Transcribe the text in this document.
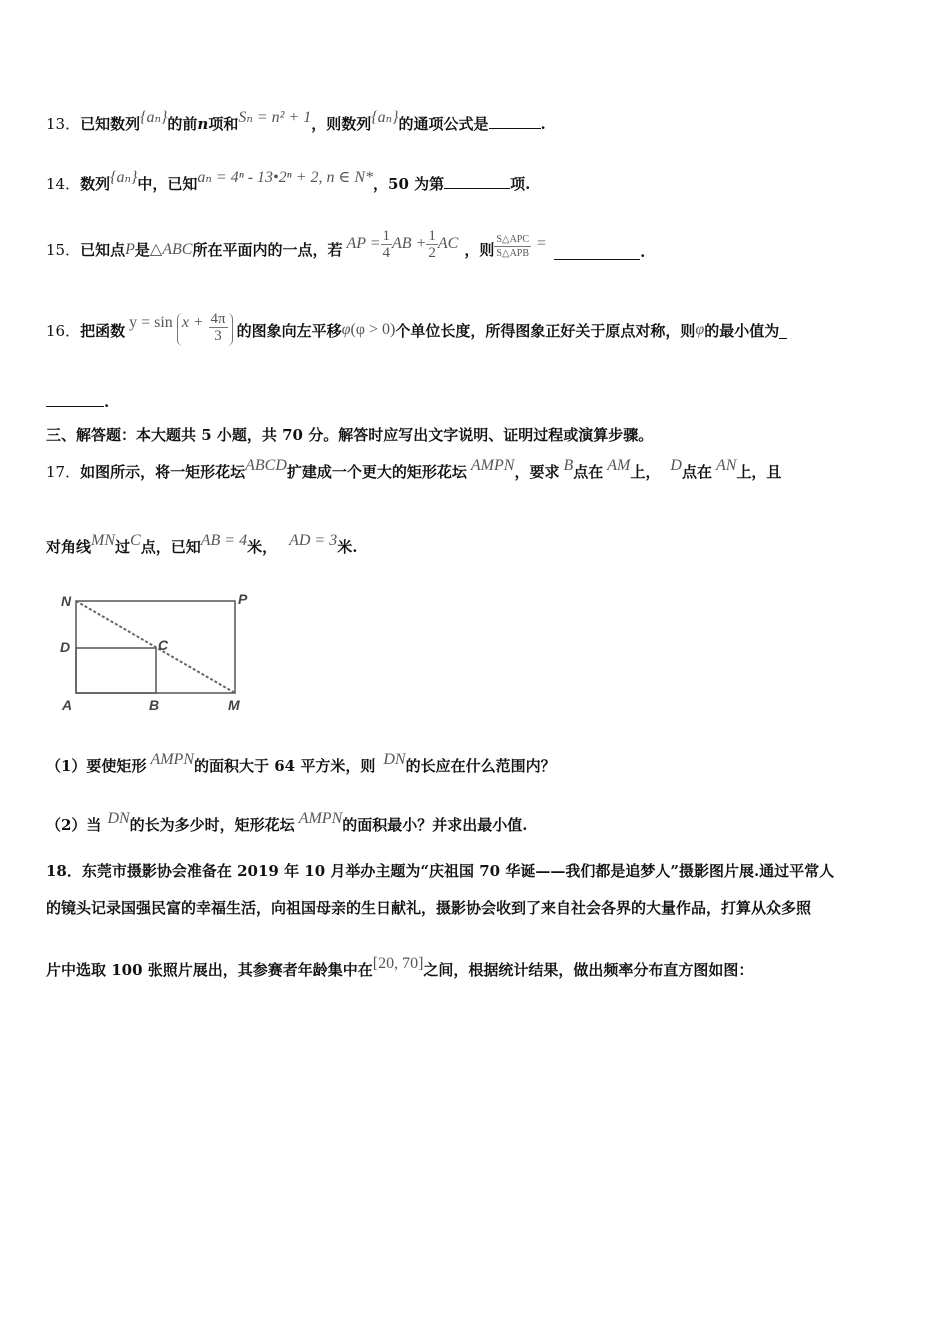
13．已知数列{aₙ}的前n项和Sₙ = n² + 1，则数列{aₙ}的通项公式是	.
14．数列{aₙ}中，已知aₙ = 4ⁿ - 13•2ⁿ + 2, n ∈ N*，50 为第	项.
15． 已知点 P 是 △ABC 所在平面内的一点，若 AP = $\frac{1}{4}$ AB + $\frac{1}{2}$ AC ，则 $\frac{\text{S△APC}}{\text{S△APB}}$ =	.
16． 把函数 $y = \sin x + \frac{4\pi}{3}$ 的图象向左平移 φ (φ > 0) 个单位长度，所得图象正好关于原点对称，则 φ 的最小值为
.
三、解答题：本大题共 5 小题，共 70 分。解答时应写出文字说明、证明过程或演算步骤。
17．如图所示，将一矩形花坛ABCD扩建成一个更大的矩形花坛 AMPN，要求 B点在 AM上， D点在 AN上，且
对角线MN过C点，已知AB = 4米， AD = 3米.
N	P
D	C
A	B	M
（1）要使矩形 AMPN的面积大于 64 平方米，则 DN的长应在什么范围内？
（2）当 DN的长为多少时，矩形花坛 AMPN的面积最小？并求出最小值.
18．东莞市摄影协会准备在 2019 年 10 月举办主题为“庆祖国 70 华诞——我们都是追梦人”摄影图片展.通过平常人
的镜头记录国强民富的幸福生活，向祖国母亲的生日献礼，摄影协会收到了来自社会各界的大量作品，打算从众多照
片中选取 100 张照片展出，其参赛者年龄集中在[20, 70]之间，根据统计结果，做出频率分布直方图如图：
